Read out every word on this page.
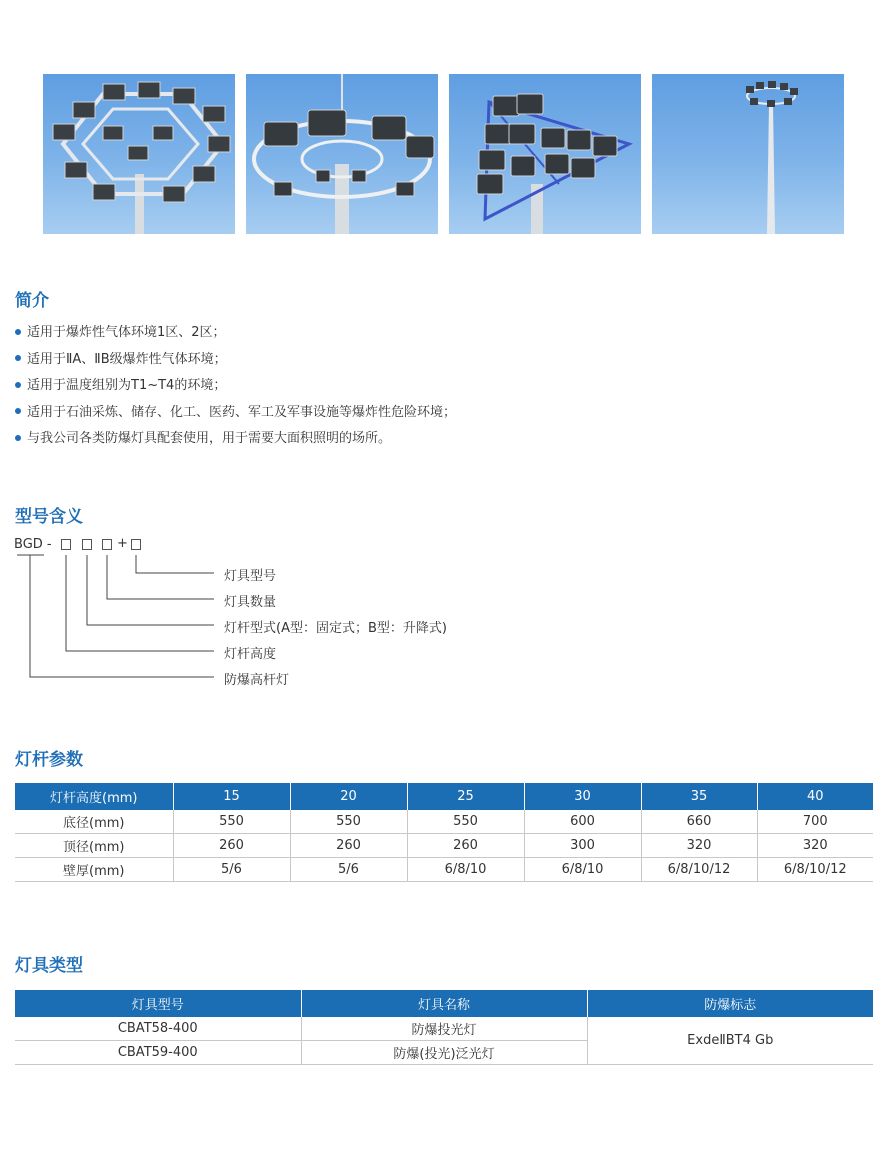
简介
适用于爆炸性气体环境1区、2区；
适用于ⅡA、ⅡB级爆炸性气体环境；
适用于温度组别为T1~T4的环境；
适用于石油采炼、储存、化工、医药、军工及军事设施等爆炸性危险环境；
与我公司各类防爆灯具配套使用，用于需要大面积照明的场所。
型号含义
BGD -	+
灯具型号
灯具数量
灯杆型式(A型：固定式；B型：升降式)
灯杆高度
防爆高杆灯
灯杆参数
灯杆高度(mm)	15	20	25	30	35	40
底径(mm)	550	550	550	600	660	700
顶径(mm)	260	260	260	300	320	320
壁厚(mm)	5/6	5/6	6/8/10	6/8/10	6/8/10/12	6/8/10/12
灯具类型
灯具型号	灯具名称	防爆标志
CBAT58-400	防爆投光灯	ExdeⅡBT4 Gb
CBAT59-400	防爆(投光)泛光灯	
